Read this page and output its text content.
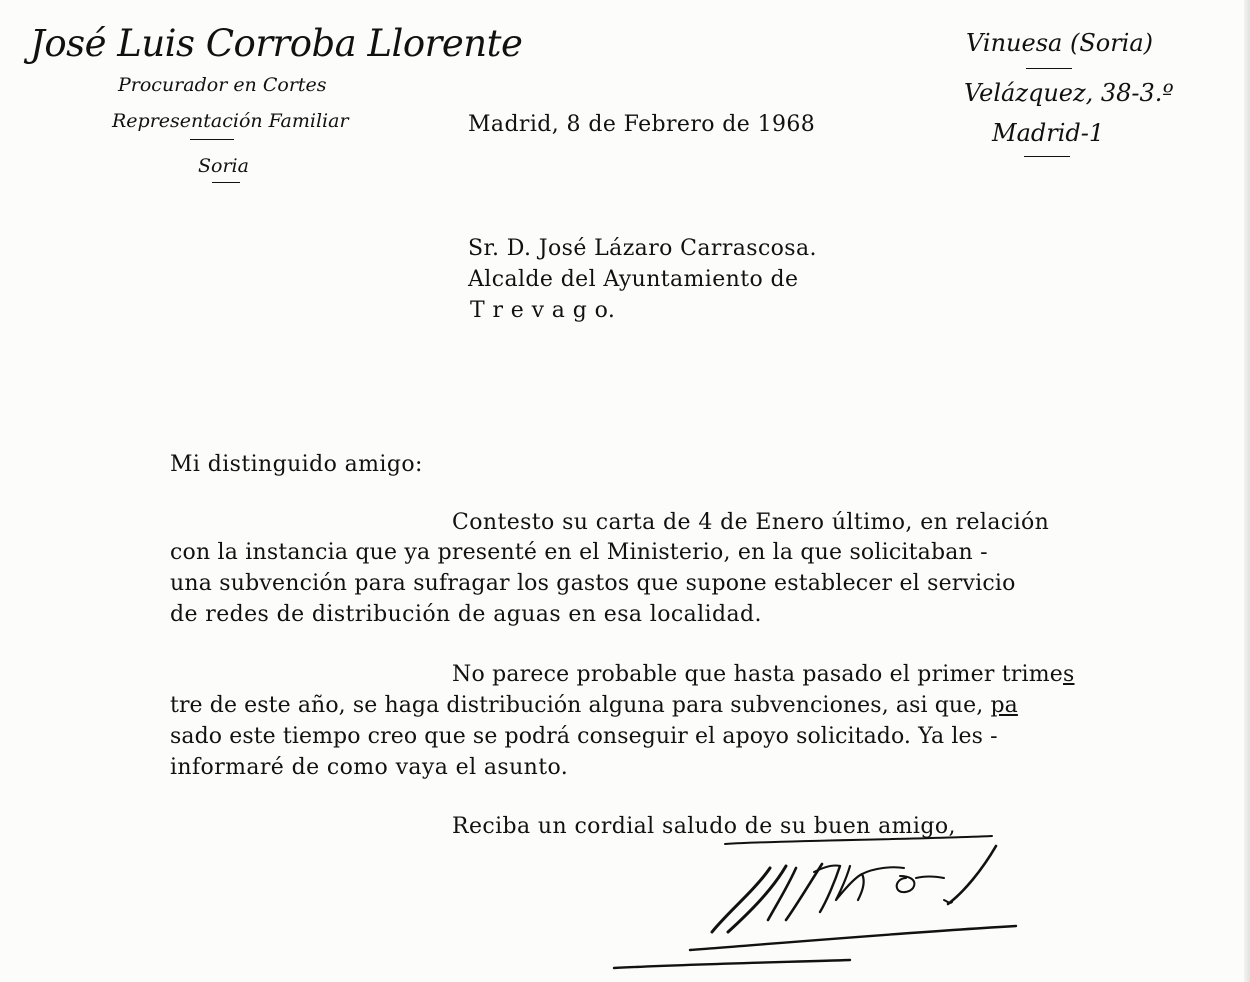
José Luis Corroba Llorente
Procurador en Cortes
Representación Familiar
Soria
Vinuesa (Soria)
Velázquez, 38-3.º
Madrid-1
Madrid, 8 de Febrero de 1968
Sr. D. José Lázaro Carrascosa.
Alcalde del Ayuntamiento de
T r e v a g o.
Mi distinguido amigo:
Contesto su carta de 4 de Enero último, en relación
con la instancia que ya presenté en el Ministerio, en la que solicitaban -
una subvención para sufragar los gastos que supone establecer el servicio
de redes de distribución de aguas en esa localidad.
No parece probable que hasta pasado el primer trimes
tre de este año, se haga distribución alguna para subvenciones, asi que, pa
sado este tiempo creo que se podrá conseguir el apoyo solicitado. Ya les -
informaré de como vaya el asunto.
Reciba un cordial saludo de su buen amigo,
